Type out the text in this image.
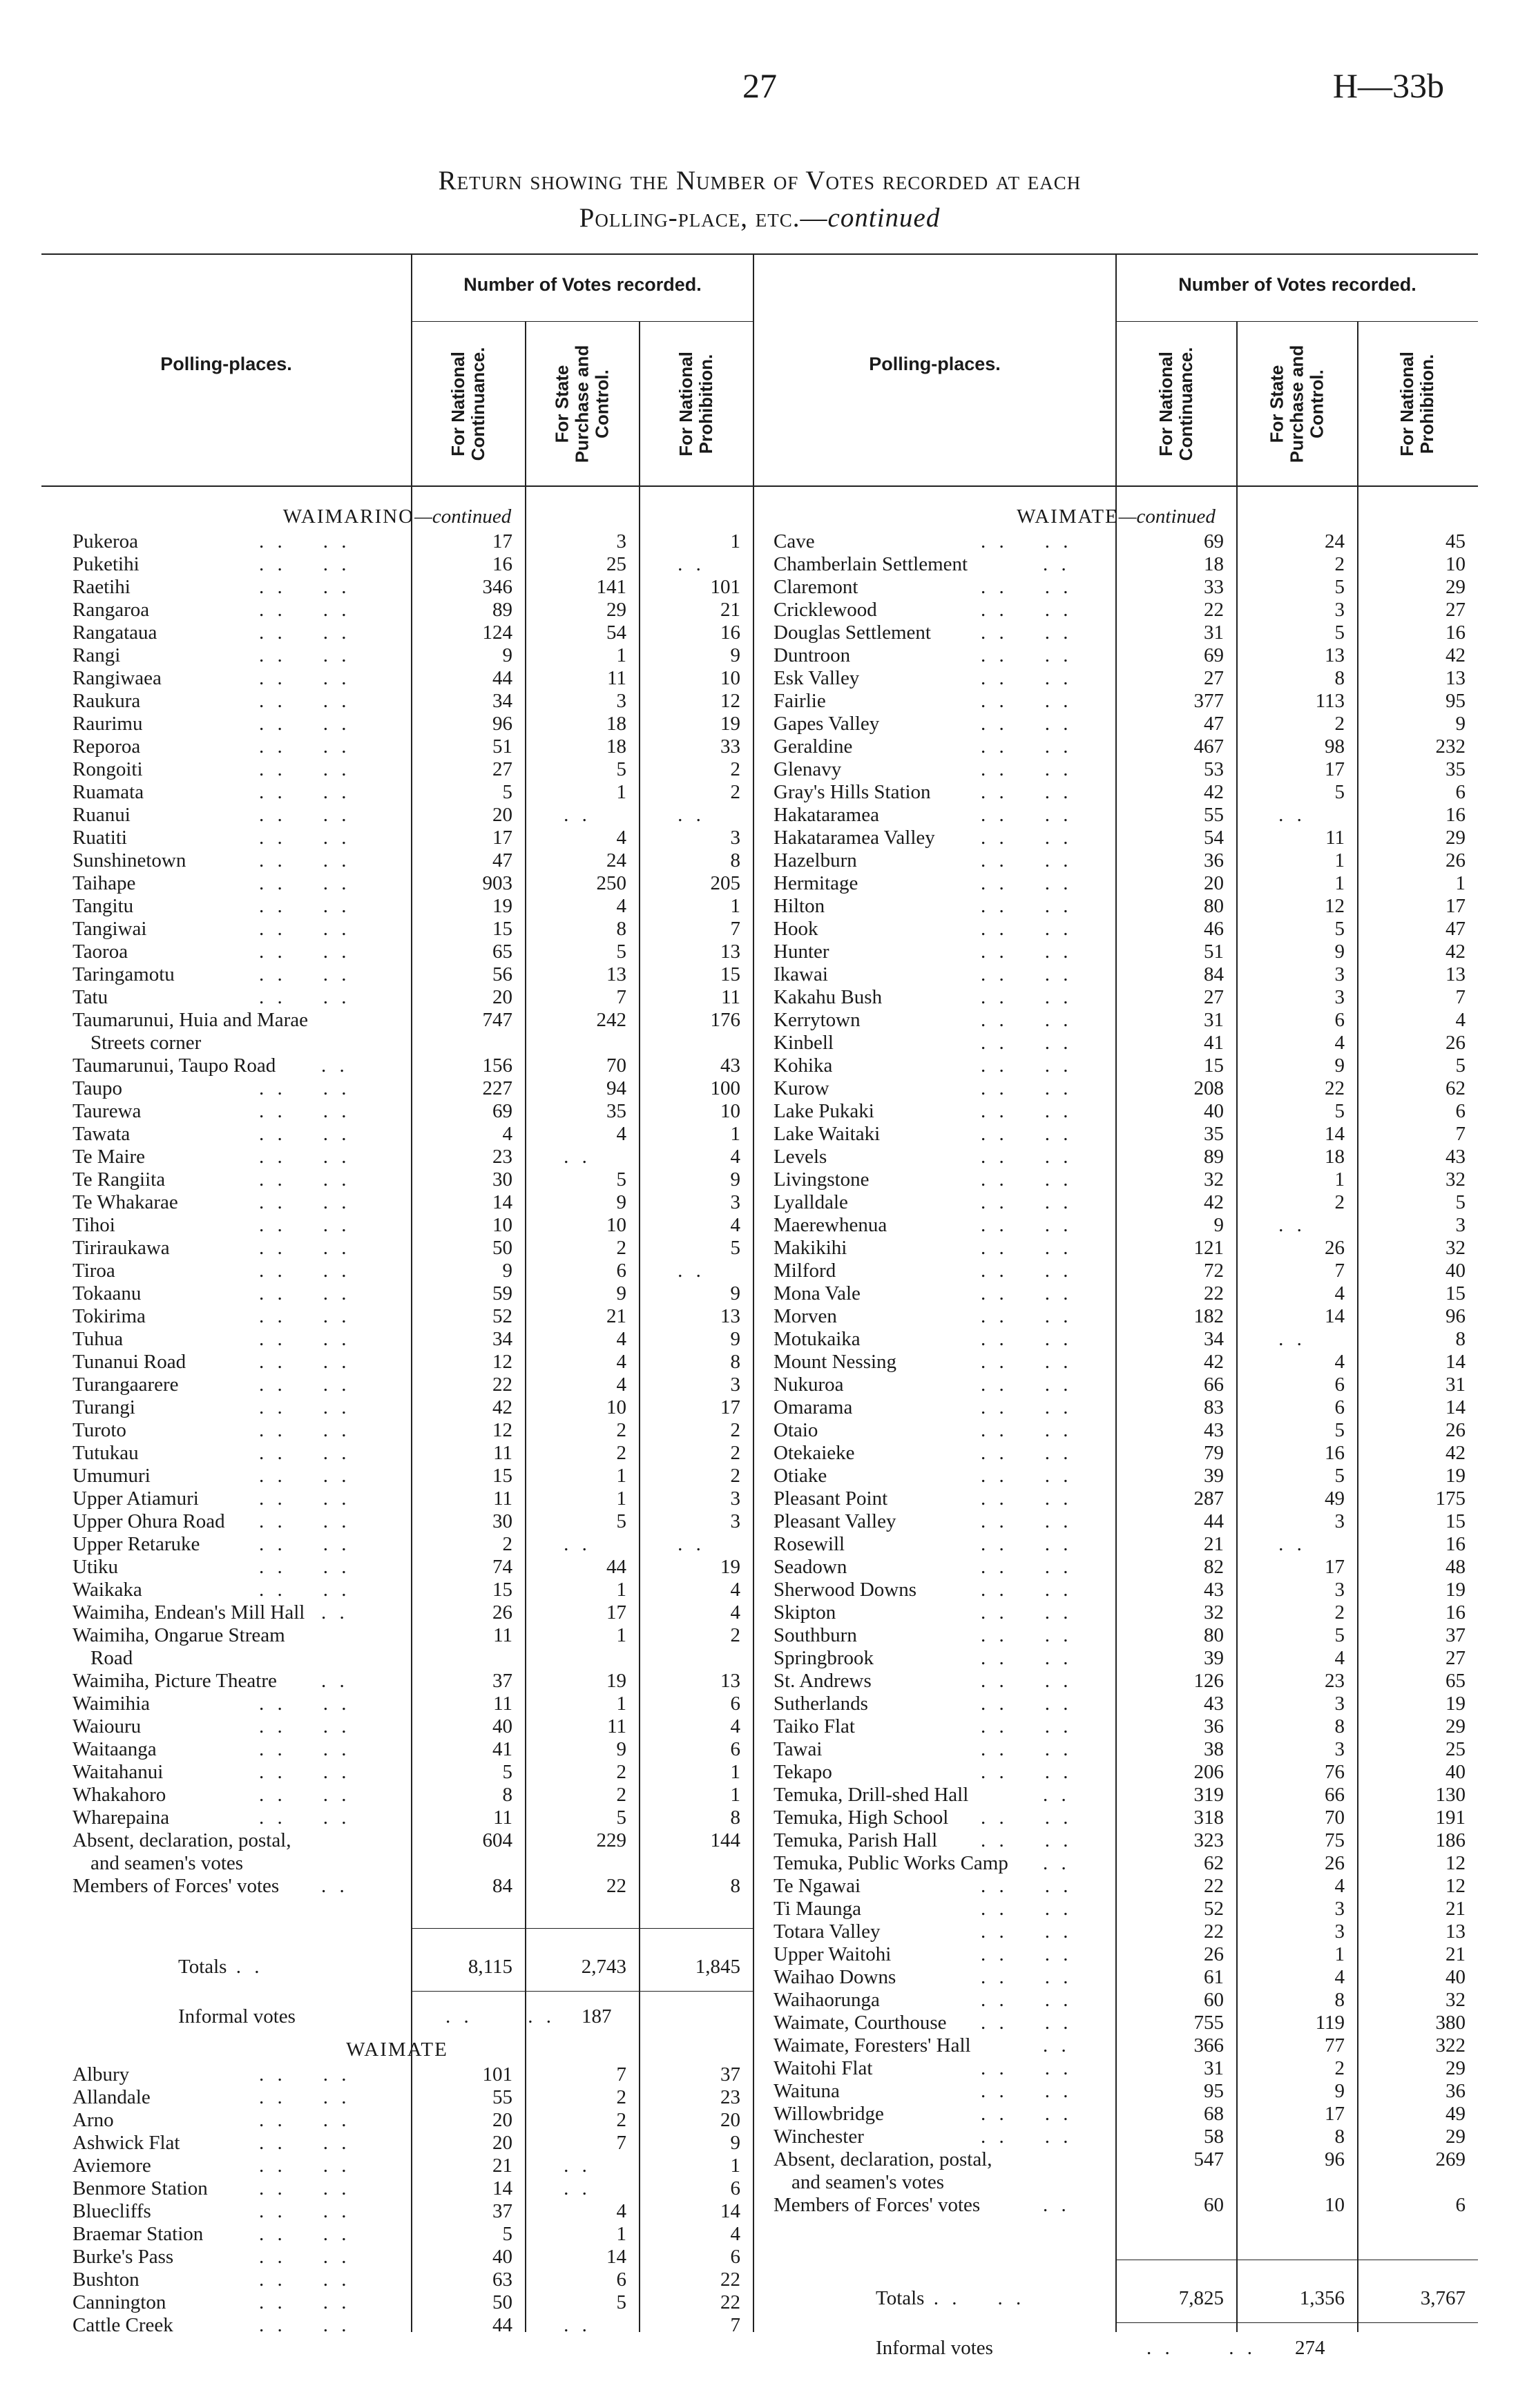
27	H—33b
Return showing the Number of Votes recorded at each
Polling-place, etc.—continued
Polling-places.
Number of Votes recorded.
For National
Continuance.	For State
Purchase and
Control.	For National
Prohibition.	Polling-places.
Number of Votes recorded.
For National
Continuance.	For State
Purchase and
Control.	For National
Prohibition.
WAIMARINO—continued	WAIMATE—continued
Pukeroa	. .    . .	17	3	1
Puketihi	. .    . .	16	25	. .
Raetihi	. .    . .	346	141	101
Rangaroa	. .    . .	89	29	21
Rangataua	. .    . .	124	54	16
Rangi	. .    . .	9	1	9
Rangiwaea	. .    . .	44	11	10
Raukura	. .    . .	34	3	12
Raurimu	. .    . .	96	18	19
Reporoa	. .    . .	51	18	33
Rongoiti	. .    . .	27	5	2
Ruamata	. .    . .	5	1	2
Ruanui	. .    . .	20	. .	. .
Ruatiti	. .    . .	17	4	3
Sunshinetown	. .    . .	47	24	8
Taihape	. .    . .	903	250	205
Tangitu	. .    . .	19	4	1
Tangiwai	. .    . .	15	8	7
Taoroa	. .    . .	65	5	13
Taringamotu	. .    . .	56	13	15
Tatu	. .    . .	20	7	11
Taumarunui, Huia and Marae
Streets corner
747	242	176
Taumarunui, Taupo Road . .	156	70	43
Taupo	. .    . .	227	94	100
Taurewa	. .    . .	69	35	10
Tawata	. .    . .	4	4	1
Te Maire	. .    . .	23	. .	4
Te Rangiita	. .    . .	30	5	9
Te Whakarae	. .    . .	14	9	3
Tihoi	. .    . .	10	10	4
Tiriraukawa	. .    . .	50	2	5
Tiroa	. .    . .	9	6	. .
Tokaanu	. .    . .	59	9	9
Tokirima	. .    . .	52	21	13
Tuhua	. .    . .	34	4	9
Tunanui Road	. .    . .	12	4	8
Turangaarere	. .    . .	22	4	3
Turangi	. .    . .	42	10	17
Turoto	. .    . .	12	2	2
Tutukau	. .    . .	11	2	2
Umumuri	. .    . .	15	1	2
Upper Atiamuri	. .    . .	11	1	3
Upper Ohura Road . .    . .	30	5	3
Upper Retaruke	. .    . .	2	. .	. .
Utiku	. .    . .	74	44	19
Waikaka	. .    . .	15	1	4
Waimiha, Endean's Mill Hall . .	26	17	4
Waimiha, Ongarue Stream
Road
11	1	2
Waimiha, Picture Theatre . .	37	19	13
Waimihia	. .    . .	11	1	6
Waiouru	. .    . .	40	11	4
Waitaanga	. .    . .	41	9	6
Waitahanui	. .    . .	5	2	1
Whakahoro	. .    . .	8	2	1
Wharepaina	. .    . .	11	5	8
Absent, declaration, postal,
and seamen's votes
604	229	144
Members of Forces' votes . .	84	22	8
Totals . .	8,115	2,743	1,845
Informal votes	. .      . . 187
WAIMATE
Albury	. .    . .	101	7	37
Allandale	. .    . .	55	2	23
Arno	. .    . .	20	2	20
Ashwick Flat	. .    . .	20	7	9
Aviemore	. .    . .	21	. .	1
Benmore Station	. .    . .	14	. .	6
Bluecliffs	. .    . .	37	4	14
Braemar Station	. .    . .	5	1	4
Burke's Pass	. .    . .	40	14	6
Bushton	. .    . .	63	6	22
Cannington	. .    . .	50	5	22
Cattle Creek	. .    . .	44	. .	7
Cave	. .    . .	69	24	45
Chamberlain Settlement	. .	18	2	10
Claremont	. .    . .	33	5	29
Cricklewood	. .    . .	22	3	27
Douglas Settlement . .    . .	31	5	16
Duntroon	. .    . .	69	13	42
Esk Valley	. .    . .	27	8	13
Fairlie	. .    . .	377	113	95
Gapes Valley	. .    . .	47	2	9
Geraldine	. .    . .	467	98	232
Glenavy	. .    . .	53	17	35
Gray's Hills Station . .    . .	42	5	6
Hakataramea	. .    . .	55	. .	16
Hakataramea Valley . .    . .	54	11	29
Hazelburn	. .    . .	36	1	26
Hermitage	. .    . .	20	1	1
Hilton	. .    . .	80	12	17
Hook	. .    . .	46	5	47
Hunter	. .    . .	51	9	42
Ikawai	. .    . .	84	3	13
Kakahu Bush	. .    . .	27	3	7
Kerrytown	. .    . .	31	6	4
Kinbell	. .    . .	41	4	26
Kohika	. .    . .	15	9	5
Kurow	. .    . .	208	22	62
Lake Pukaki	. .    . .	40	5	6
Lake Waitaki	. .    . .	35	14	7
Levels	. .    . .	89	18	43
Livingstone	. .    . .	32	1	32
Lyalldale	. .    . .	42	2	5
Maerewhenua	. .    . .	9	. .	3
Makikihi	. .    . .	121	26	32
Milford	. .    . .	72	7	40
Mona Vale	. .    . .	22	4	15
Morven	. .    . .	182	14	96
Motukaika	. .    . .	34	. .	8
Mount Nessing	. .    . .	42	4	14
Nukuroa	. .    . .	66	6	31
Omarama	. .    . .	83	6	14
Otaio	. .    . .	43	5	26
Otekaieke	. .    . .	79	16	42
Otiake	. .    . .	39	5	19
Pleasant Point	. .    . .	287	49	175
Pleasant Valley	. .    . .	44	3	15
Rosewill	. .    . .	21	. .	16
Seadown	. .    . .	82	17	48
Sherwood Downs	. .    . .	43	3	19
Skipton	. .    . .	32	2	16
Southburn	. .    . .	80	5	37
Springbrook	. .    . .	39	4	27
St. Andrews	. .    . .	126	23	65
Sutherlands	. .    . .	43	3	19
Taiko Flat	. .    . .	36	8	29
Tawai	. .    . .	38	3	25
Tekapo	. .    . .	206	76	40
Temuka, Drill-shed Hall	. .	319	66	130
Temuka, High School . .    . .	318	70	191
Temuka, Parish Hall . .    . .	323	75	186
Temuka, Public Works Camp . .	62	26	12
Te Ngawai	. .    . .	22	4	12
Ti Maunga	. .    . .	52	3	21
Totara Valley	. .    . .	22	3	13
Upper Waitohi	. .    . .	26	1	21
Waihao Downs	. .    . .	61	4	40
Waihaorunga	. .    . .	60	8	32
Waimate, Courthouse . .    . .	755	119	380
Waimate, Foresters' Hall	. .	366	77	322
Waitohi Flat	. .    . .	31	2	29
Waituna	. .    . .	95	9	36
Willowbridge	. .    . .	68	17	49
Winchester	. .    . .	58	8	29
Absent, declaration, postal,
and seamen's votes
547	96	269
Members of Forces' votes	. .	60	10	6
Totals . .    . .	7,825	1,356	3,767
Informal votes	. .      . . 274
